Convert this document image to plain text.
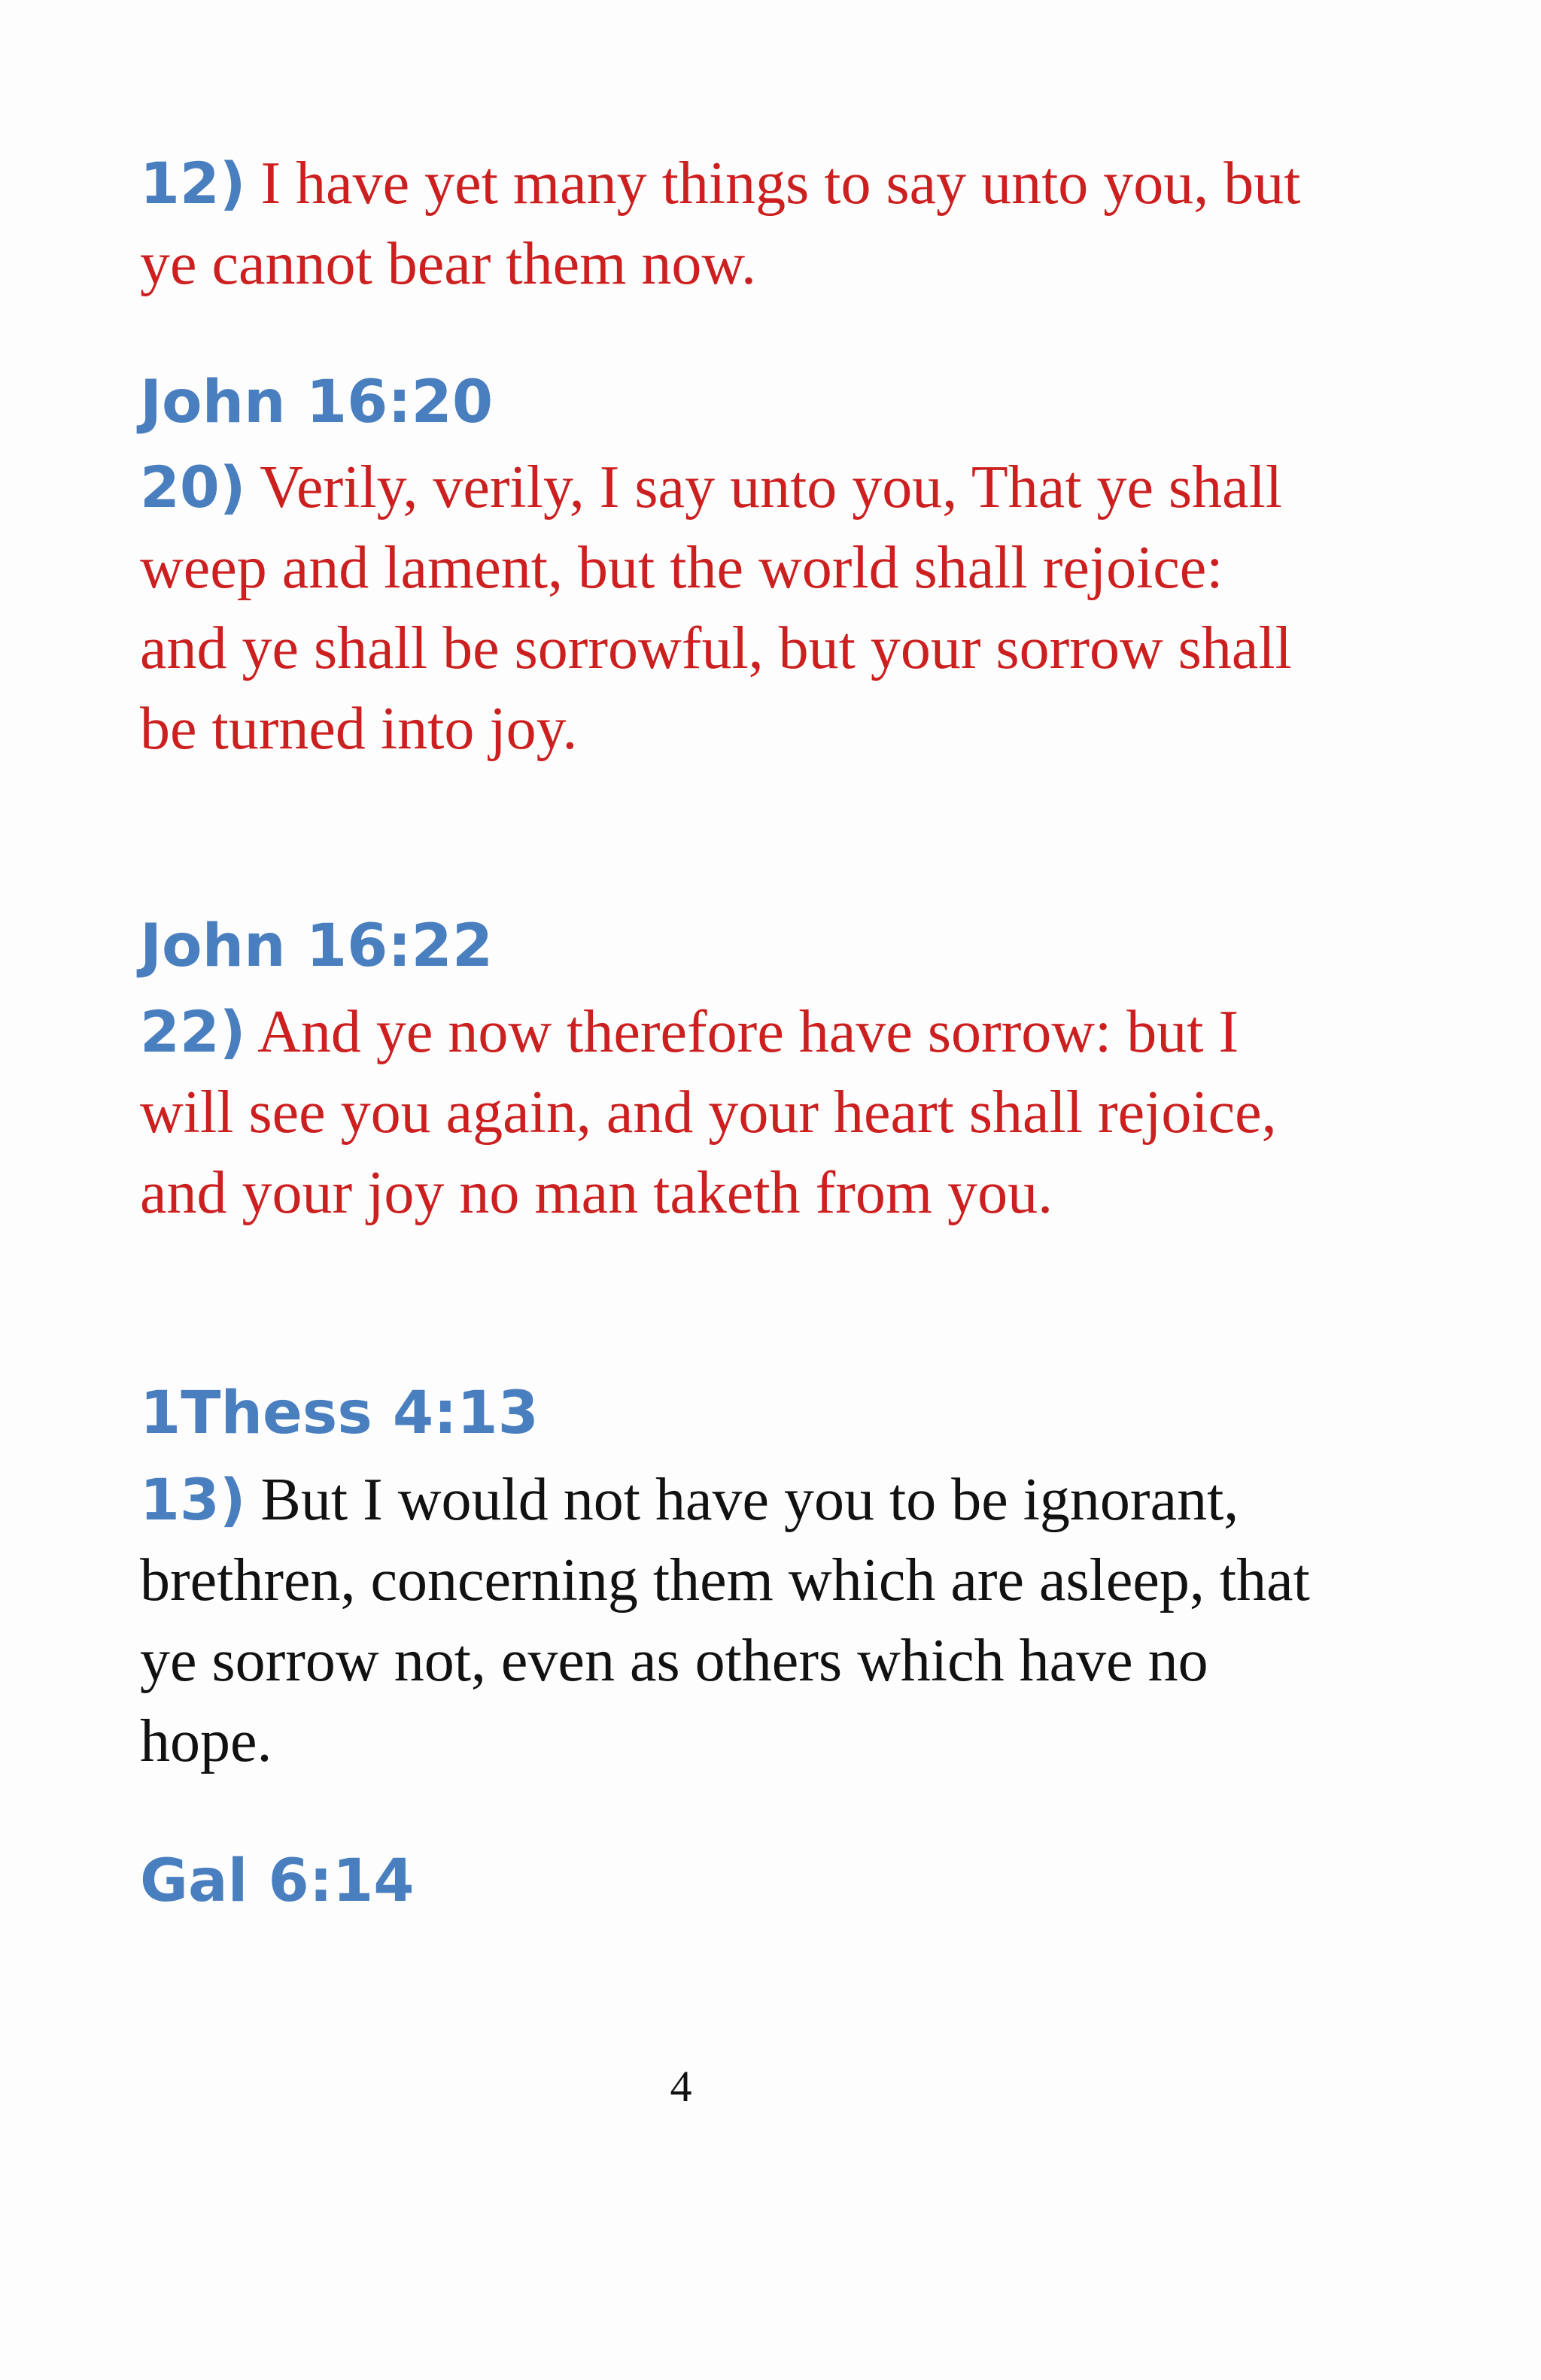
12) I have yet many things to say unto you, but ye cannot bear them now.

John 16:20

20) Verily, verily, I say unto you, That ye shall weep and lament, but the world shall rejoice: and ye shall be sorrowful, but your sorrow shall be turned into joy.

John 16:22

22) And ye now therefore have sorrow: but I will see you again, and your heart shall rejoice, and your joy no man taketh from you.

1Thess 4:13

13) But I would not have you to be ignorant, brethren, concerning them which are asleep, that ye sorrow not, even as others which have no hope.

Gal 6:14

4
